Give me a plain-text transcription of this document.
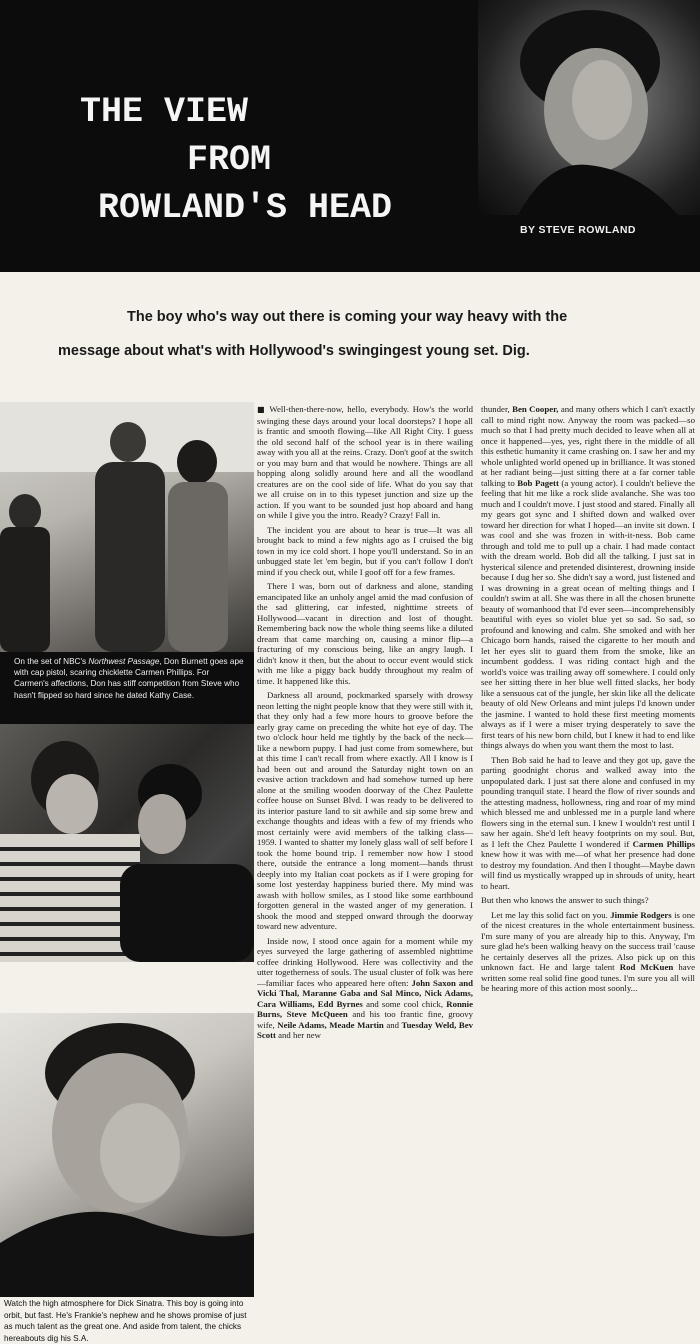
THE VIEW
FROM
ROWLAND'S HEAD
BY STEVE ROWLAND
The boy who's way out there is coming your way heavy with the
message about what's with Hollywood's swingingest young set. Dig.
On the set of NBC's Northwest Passage, Don Burnett goes ape with cap pistol, scaring chicklette Carmen Phillips. For Carmen's affections, Don has stiff competition from Steve who hasn't flipped so hard since he dated Kathy Case.
Watch the high atmosphere for Dick Sinatra. This boy is going into orbit, but fast. He's Frankie's nephew and he shows promise of just as much talent as the great one. And aside from talent, the chicks hereabouts dig his S.A.

■ Well-then-there-now, hello, everybody. How's the world swinging these days around your local doorsteps? I hope all is frantic and smooth flowing—like All Right City. I guess the old second half of the school year is in there wailing away with you all at the reins. Crazy. Don't goof at the switch or you may burn and that would be nowhere. Things are all hopping along solidly around here and all the woodland creatures are on the cool side of life. What do you say that we all cruise on in to this typeset junction and size up the action. If you want to be sounded just hop aboard and hang on while I give you the intro. Ready? Crazy! Fall in.

The incident you are about to hear is true—It was all brought back to mind a few nights ago as I cruised the big town in my ice cold short. I hope you'll understand. So in an unbugged state let 'em begin, but if you can't follow I don't mind if you check out, while I goof off for a few frames.

There I was, born out of darkness and alone, standing emancipated like an unholy angel amid the mad confusion of the sad glittering, car infested, nighttime streets of Hollywood—vacant in direction and lost of thought. Remembering back now the whole thing seems like a diluted dream that came marching on, causing a minor flip—a fracturing of my conscious being, like an angry laugh. I didn't know it then, but the about to occur event would stick with me like a piggy back buddy throughout my realm of time. It happened like this.

Darkness all around, pockmarked sparsely with drowsy neon letting the night people know that they were still with it, that they only had a few more hours to groove before the early gray came on preceding the white hot eye of day. The two o'clock hour held me tightly by the back of the neck—like a newborn puppy. I had just come from somewhere, but at this time I can't recall from where exactly. All I know is I had been out and around the Saturday night town on an evasive action trackdown and had somehow turned up here alone at the smiling wooden doorway of the Chez Paulette coffee house on Sunset Blvd. I was ready to be delivered to its interior pasture land to sit awhile and sip some brew and exchange thoughts and ideas with a few of my friends who most certainly were avid members of the talking class—1959. I wanted to shatter my lonely glass wall of self before I took the home bound trip. I remember now how I stood there, outside the entrance a long moment—hands thrust deeply into my Italian coat pockets as if I were groping for some lost yesterday happiness buried there. My mind was awash with hollow smiles, as I stood like some earthbound forgotten general in the wasted anger of my generation. I shook the mood and stepped onward through the doorway toward new adventure.

Inside now, I stood once again for a moment while my eyes surveyed the large gathering of assembled nighttime coffee drinking Hollywood. Here was collectivity and the utter togetherness of souls. The usual cluster of folk was here—familiar faces who appeared here often: John Saxon and Vicki Thal, Maranne Gaba and Sal Minco, Nick Adams, Cara Williams, Edd Byrnes and some cool chick, Ronnie Burns, Steve McQueen and his too frantic fine, groovy wife, Neile Adams, Meade Martin and Tuesday Weld, Bev Scott and her new

thunder, Ben Cooper, and many others which I can't exactly call to mind right now. Anyway the room was packed—so much so that I had pretty much decided to leave when all at once it happened—yes, yes, right there in the middle of all this esthetic humanity it came crashing on. I saw her and my whole unlighted world opened up in brilliance. It was stoned at her radiant being—just sitting there at a far corner table talking to Bob Pagett (a young actor). I couldn't believe the feeling that hit me like a rock slide avalanche. She was too much and I couldn't move. I just stood and stared. Finally all my gears got sync and I shifted down and walked over toward her direction for what I hoped—an invite sit down. I was cool and she was frozen in with-it-ness. Bob came through and told me to pull up a chair. I had made contact with the dream world. Bob did all the talking. I just sat in hysterical silence and pretended disinterest, drowning inside because I dug her so. She didn't say a word, just listened and I was drowning in a great ocean of melting things and I couldn't swim at all. She was there in all the chosen brunette beauty of womanhood that I'd ever seen—incomprehensibly beautiful with eyes so violet blue yet so sad. So sad, so profound and knowing and calm. She smoked and with her Chicago born hands, raised the cigarette to her mouth and let her eyes slit to guard them from the smoke, like an incumbent goddess. I was riding contact high and the world's voice was trailing away off somewhere. I could only see her sitting there in her blue well fitted slacks, her body like a sensuous cat of the jungle, her skin like all the delicate beauty of old New Orleans and mint juleps I'd known under the jasmine. I wanted to hold these first meeting moments always as if I were a miser trying desperately to save the first tears of his new born child, but I knew it had to end like things always do when you want them the most to last.

Then Bob said he had to leave and they got up, gave the parting goodnight chorus and walked away into the unpopulated dark. I just sat there alone and confused in my pounding tranquil state. I heard the flow of river sounds and the attesting madness, hollowness, ring and roar of my mind which blessed me and unblessed me in a purple land where flowers sing in the eternal sun. I knew I wouldn't rest until I saw her again. She'd left heavy footprints on my soul. But, as I left the Chez Paulette I wondered if Carmen Phillips knew how it was with me—of what her presence had done to destroy my foundation. And then I thought—Maybe dawn will find us mystically wrapped up in shrouds of unity, heart to heart.

But then who knows the answer to such things?

Let me lay this solid fact on you. Jimmie Rodgers is one of the nicest creatures in the whole entertainment business. I'm sure many of you are already hip to this. Anyway, I'm sure glad he's been walking heavy on the success trail 'cause he certainly deserves all the prizes. Also pick up on this unknown fact. He and large talent Rod McKuen have written some real solid fine good tunes. I'm sure you all will be hearing more of this action most soonly...
